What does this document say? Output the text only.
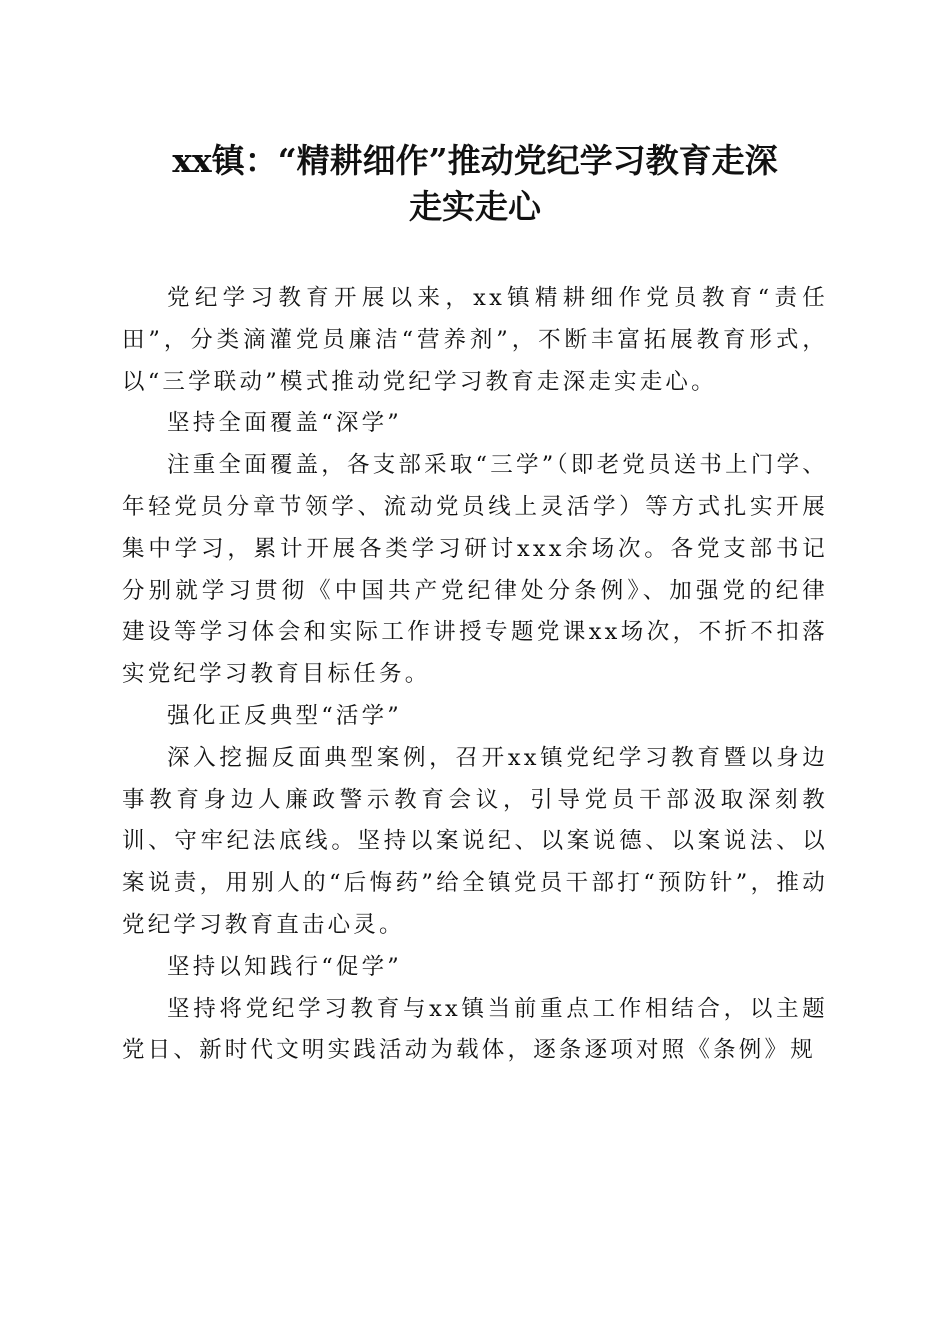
xx镇：“精耕细作”推动党纪学习教育走深
走实走心

党纪学习教育开展以来，xx镇精耕细作党员教育“责任田”，分类滴灌党员廉洁“营养剂”，不断丰富拓展教育形式，以“三学联动”模式推动党纪学习教育走深走实走心。

坚持全面覆盖“深学”

注重全面覆盖，各支部采取“三学”（即老党员送书上门学、年轻党员分章节领学、流动党员线上灵活学）等方式扎实开展集中学习，累计开展各类学习研讨xxx余场次。各党支部书记分别就学习贯彻《中国共产党纪律处分条例》、加强党的纪律建设等学习体会和实际工作讲授专题党课xx场次，不折不扣落实党纪学习教育目标任务。

强化正反典型“活学”

深入挖掘反面典型案例，召开xx镇党纪学习教育暨以身边事教育身边人廉政警示教育会议，引导党员干部汲取深刻教训、守牢纪法底线。坚持以案说纪、以案说德、以案说法、以案说责，用别人的“后悔药”给全镇党员干部打“预防针”，推动党纪学习教育直击心灵。

坚持以知践行“促学”

坚持将党纪学习教育与xx镇当前重点工作相结合，以主题党日、新时代文明实践活动为载体，逐条逐项对照《条例》规
